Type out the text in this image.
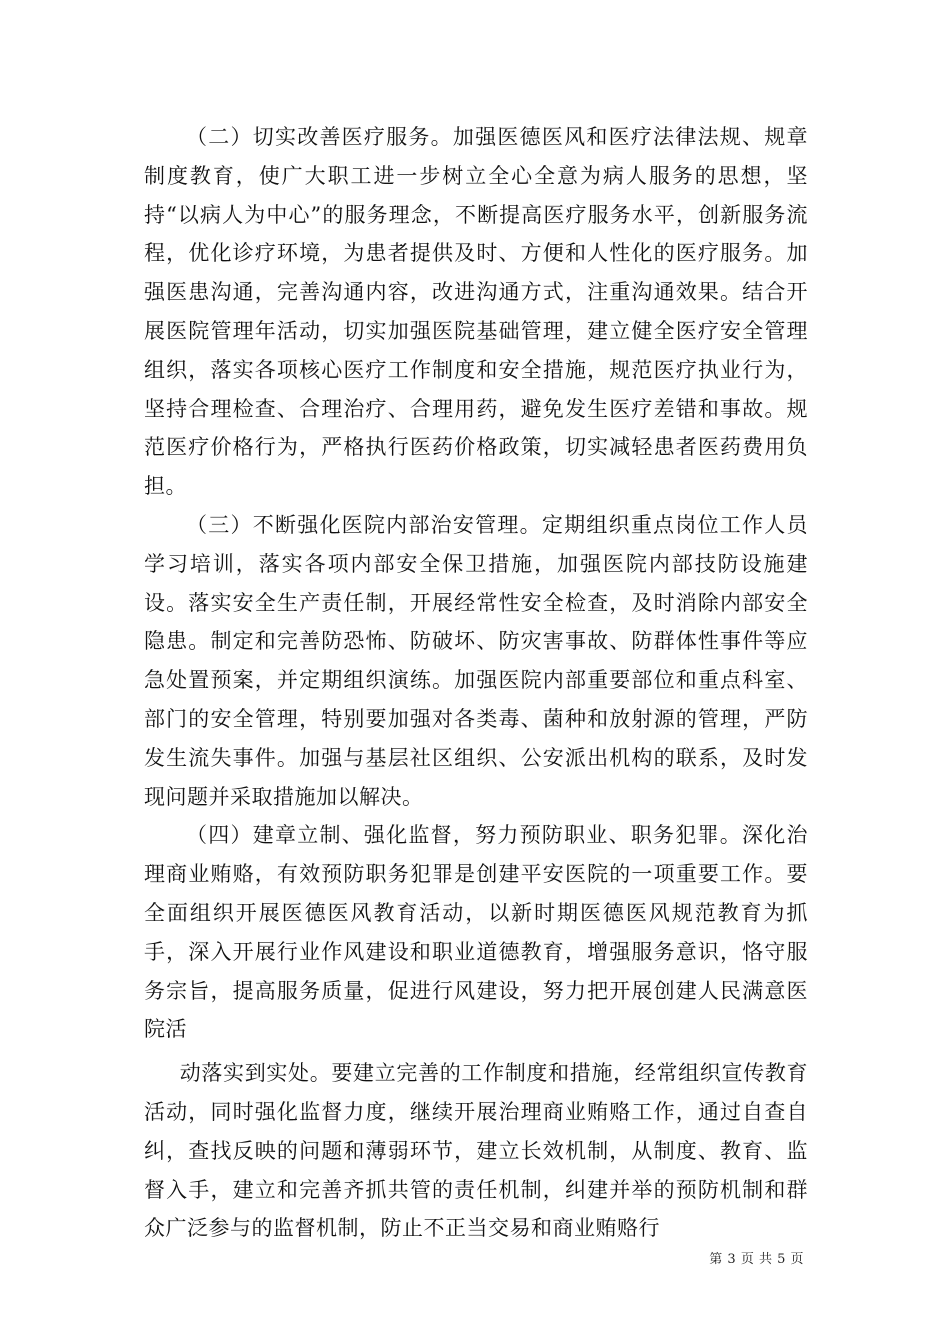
（二）切实改善医疗服务。加强医德医风和医疗法律法规、规章制度教育，使广大职工进一步树立全心全意为病人服务的思想，坚持“以病人为中心”的服务理念，不断提高医疗服务水平，创新服务流程，优化诊疗环境，为患者提供及时、方便和人性化的医疗服务。加强医患沟通，完善沟通内容，改进沟通方式，注重沟通效果。结合开展医院管理年活动，切实加强医院基础管理，建立健全医疗安全管理组织，落实各项核心医疗工作制度和安全措施，规范医疗执业行为，坚持合理检查、合理治疗、合理用药，避免发生医疗差错和事故。规范医疗价格行为，严格执行医药价格政策，切实减轻患者医药费用负担。

（三）不断强化医院内部治安管理。定期组织重点岗位工作人员学习培训，落实各项内部安全保卫措施，加强医院内部技防设施建设。落实安全生产责任制，开展经常性安全检查，及时消除内部安全隐患。制定和完善防恐怖、防破坏、防灾害事故、防群体性事件等应急处置预案，并定期组织演练。加强医院内部重要部位和重点科室、部门的安全管理，特别要加强对各类毒、菌种和放射源的管理，严防发生流失事件。加强与基层社区组织、公安派出机构的联系，及时发现问题并采取措施加以解决。

（四）建章立制、强化监督，努力预防职业、职务犯罪。深化治理商业贿赂，有效预防职务犯罪是创建平安医院的一项重要工作。要全面组织开展医德医风教育活动，以新时期医德医风规范教育为抓手，深入开展行业作风建设和职业道德教育，增强服务意识，恪守服务宗旨，提高服务质量，促进行风建设，努力把开展创建人民满意医院活

动落实到实处。要建立完善的工作制度和措施，经常组织宣传教育活动，同时强化监督力度，继续开展治理商业贿赂工作，通过自查自纠，查找反映的问题和薄弱环节，建立长效机制，从制度、教育、监督入手，建立和完善齐抓共管的责任机制，纠建并举的预防机制和群众广泛参与的监督机制，防止不正当交易和商业贿赂行

第 3 页 共 5 页
